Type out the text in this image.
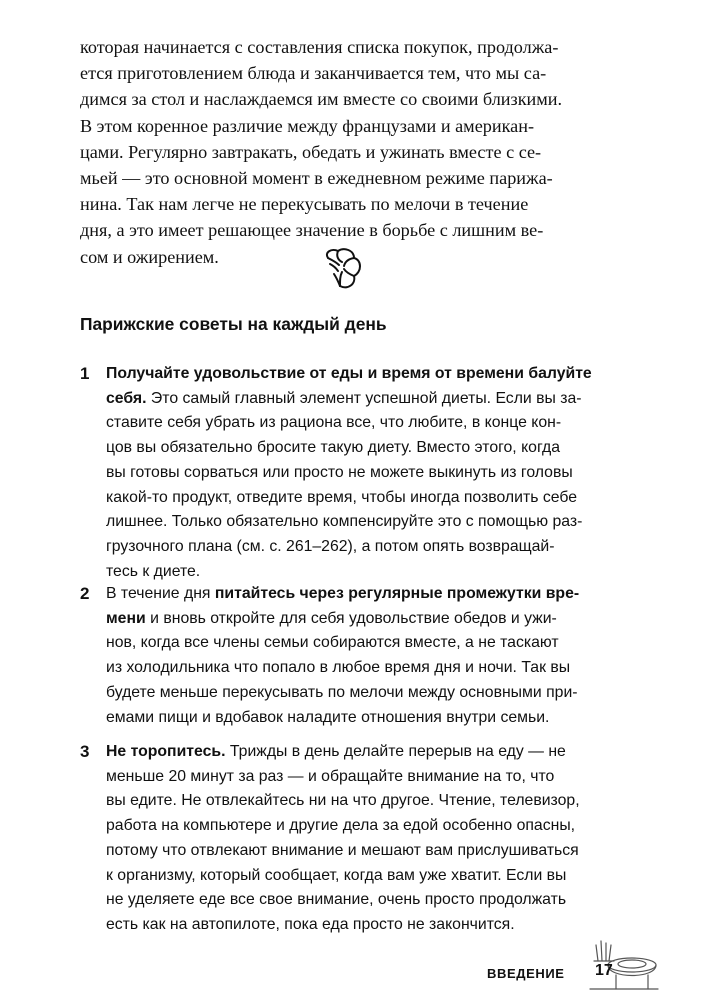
которая начинается с составления списка покупок, продолжа-
ется приготовлением блюда и заканчивается тем, что мы са-
димся за стол и наслаждаемся им вместе со своими близкими.
В этом коренное различие между французами и американ-
цами. Регулярно завтракать, обедать и ужинать вместе с се-
мьей — это основной момент в ежедневном режиме парижа-
нина. Так нам легче не перекусывать по мелочи в течение
дня, а это имеет решающее значение в борьбе с лишним ве-
сом и ожирением.

Парижские советы на каждый день
1 Получайте удовольствие от еды и время от времени балуйте
себя. Это самый главный элемент успешной диеты. Если вы за-
ставите себя убрать из рациона все, что любите, в конце кон-
цов вы обязательно бросите такую диету. Вместо этого, когда
вы готовы сорваться или просто не можете выкинуть из головы
какой-то продукт, отведите время, чтобы иногда позволить себе
лишнее. Только обязательно компенсируйте это с помощью раз-
грузочного плана (см. с. 261–262), а потом опять возвращай-
тесь к диете.

2 В течение дня питайтесь через регулярные промежутки вре-
мени и вновь откройте для себя удовольствие обедов и ужи-
нов, когда все члены семьи собираются вместе, а не таскают
из холодильника что попало в любое время дня и ночи. Так вы
будете меньше перекусывать по мелочи между основными при-
емами пищи и вдобавок наладите отношения внутри семьи.

3 Не торопитесь. Трижды в день делайте перерыв на еду — не
меньше 20 минут за раз — и обращайте внимание на то, что
вы едите. Не отвлекайтесь ни на что другое. Чтение, телевизор,
работа на компьютере и другие дела за едой особенно опасны,
потому что отвлекают внимание и мешают вам прислушиваться
к организму, который сообщает, когда вам уже хватит. Если вы
не уделяете еде все свое внимание, очень просто продолжать
есть как на автопилоте, пока еда просто не закончится.

ВВЕДЕНИЕ 17
